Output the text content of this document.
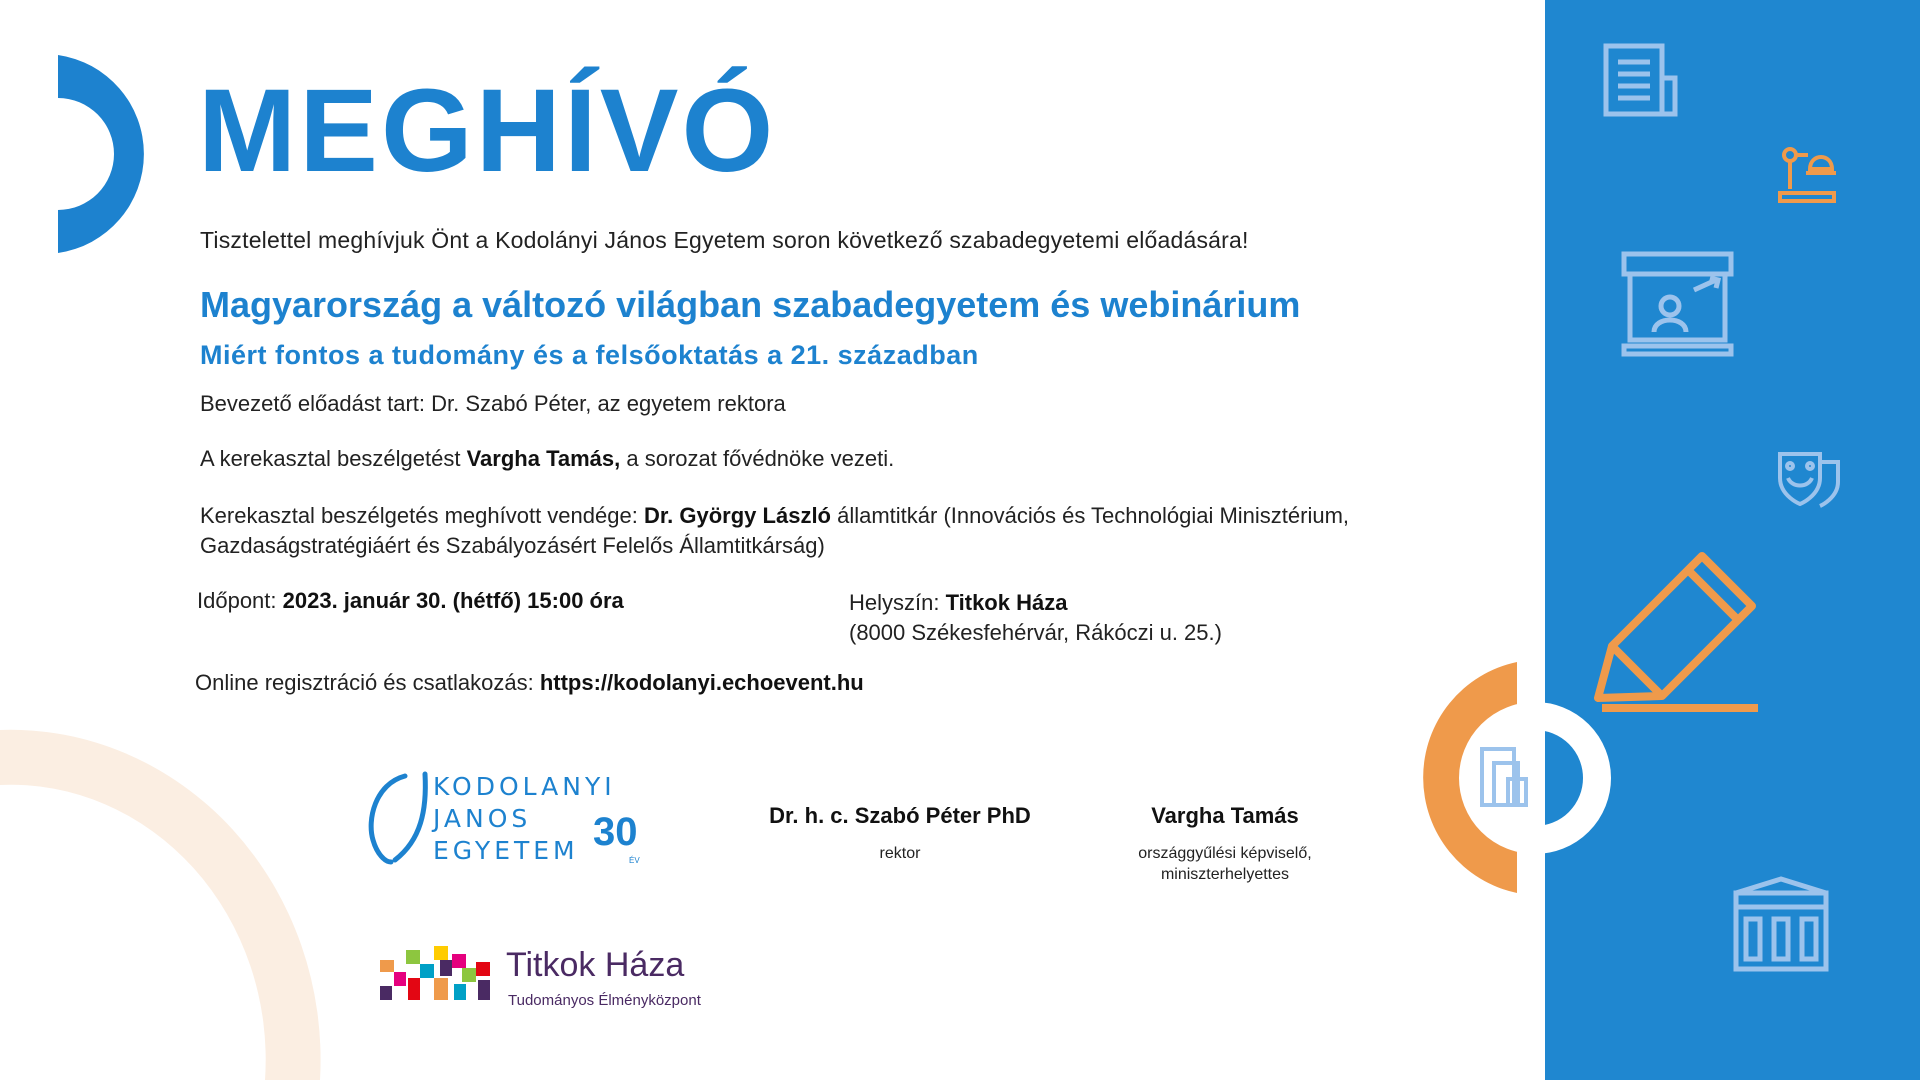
MEGHÍVÓ
Tisztelettel meghívjuk Önt a Kodolányi János Egyetem soron következő szabadegyetemi előadására!
Magyarország a változó világban szabadegyetem és webinárium
Miért fontos a tudomány és a felsőoktatás a 21. században
Bevezető előadást tart: Dr. Szabó Péter, az egyetem rektora
A kerekasztal beszélgetést Vargha Tamás, a sorozat fővédnöke vezeti.
Kerekasztal beszélgetés meghívott vendége: Dr. György László államtitkár (Innovációs és Technológiai Minisztérium,
Gazdaságstratégiáért és Szabályozásért Felelős Államtitkárság)
Időpont: 2023. január 30. (hétfő) 15:00 óra	Helyszín: Titkok Háza
(8000 Székesfehérvár, Rákóczi u. 25.)
Online regisztráció és csatlakozás: https://kodolanyi.echoevent.hu
KODOLANYI
JANOS
EGYETEM 30
ÉV
Dr. h. c. Szabó Péter PhD
rektor
Vargha Tamás
országgyűlési képviselő,
miniszterhelyettes
Titkok Háza
Tudományos Élményközpont
